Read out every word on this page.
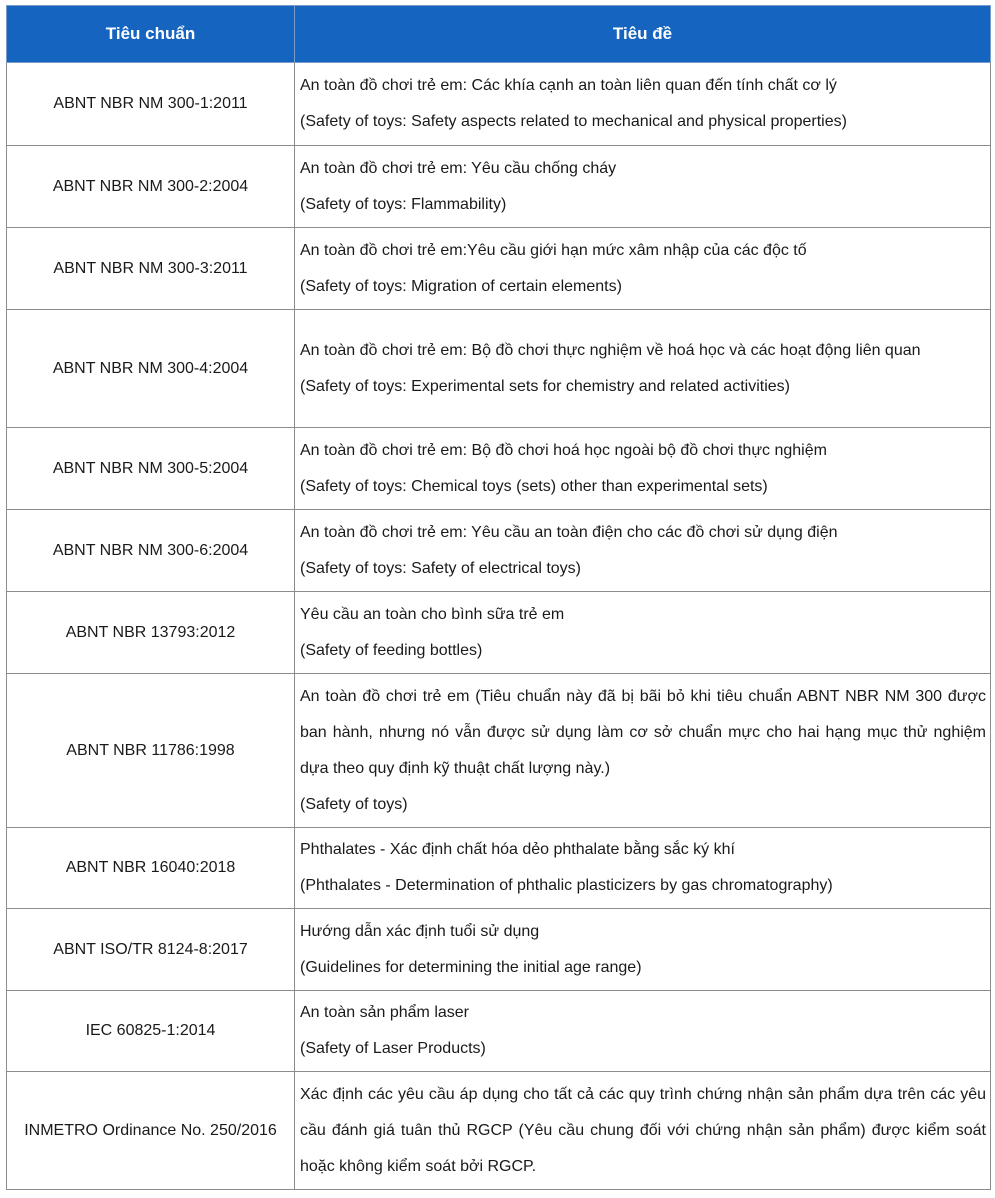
Tiêu chuẩn	Tiêu đề
ABNT NBR NM 300-1:2011	An toàn đồ chơi trẻ em: Các khía cạnh an toàn liên quan đến tính chất cơ lý

(Safety of toys: Safety aspects related to mechanical and physical properties)

ABNT NBR NM 300-2:2004	An toàn đồ chơi trẻ em: Yêu cầu chống cháy

(Safety of toys: Flammability)

ABNT NBR NM 300-3:2011	An toàn đồ chơi trẻ em:Yêu cầu giới hạn mức xâm nhập của các độc tố

(Safety of toys: Migration of certain elements)

ABNT NBR NM 300-4:2004	An toàn đồ chơi trẻ em: Bộ đồ chơi thực nghiệm về hoá học và các hoạt động liên quan

(Safety of toys: Experimental sets for chemistry and related activities)

ABNT NBR NM 300-5:2004	An toàn đồ chơi trẻ em: Bộ đồ chơi hoá học ngoài bộ đồ chơi thực nghiệm

(Safety of toys: Chemical toys (sets) other than experimental sets)

ABNT NBR NM 300-6:2004	An toàn đồ chơi trẻ em: Yêu cầu an toàn điện cho các đồ chơi sử dụng điện

(Safety of toys: Safety of electrical toys)

ABNT NBR 13793:2012	Yêu cầu an toàn cho bình sữa trẻ em

(Safety of feeding bottles)

ABNT NBR 11786:1998	An toàn đồ chơi trẻ em (Tiêu chuẩn này đã bị bãi bỏ khi tiêu chuẩn ABNT NBR NM 300 được ban hành, nhưng nó vẫn được sử dụng làm cơ sở chuẩn mực cho hai hạng mục thử nghiệm dựa theo quy định kỹ thuật chất lượng này.)

(Safety of toys)

ABNT NBR 16040:2018	Phthalates - Xác định chất hóa dẻo phthalate bằng sắc ký khí

(Phthalates - Determination of phthalic plasticizers by gas chromatography)

ABNT ISO/TR 8124-8:2017	Hướng dẫn xác định tuổi sử dụng

(Guidelines for determining the initial age range)

IEC 60825-1:2014	An toàn sản phẩm laser

(Safety of Laser Products)

INMETRO Ordinance No. 250/2016	Xác định các yêu cầu áp dụng cho tất cả các quy trình chứng nhận sản phẩm dựa trên các yêu cầu đánh giá tuân thủ RGCP (Yêu cầu chung đối với chứng nhận sản phẩm) được kiểm soát hoặc không kiểm soát bởi RGCP.
